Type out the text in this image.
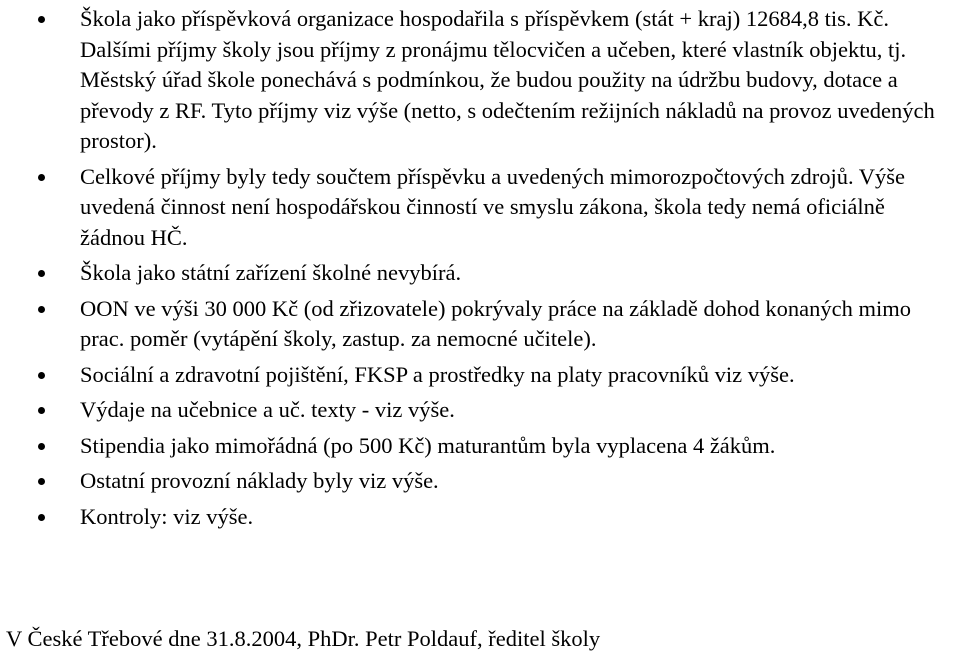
Škola jako příspěvková organizace hospodařila s příspěvkem (stát + kraj) 12684,8 tis. Kč. Dalšími příjmy školy jsou příjmy z pronájmu tělocvičen a učeben, které vlastník objektu, tj. Městský úřad škole ponechává s podmínkou, že budou použity na údržbu budovy, dotace a převody z RF. Tyto příjmy viz výše (netto, s odečtením režijních nákladů na provoz uvedených prostor).
Celkové příjmy byly tedy součtem příspěvku a uvedených mimorozpočtových zdrojů. Výše uvedená činnost není hospodářskou činností ve smyslu zákona, škola tedy nemá oficiálně žádnou HČ.
Škola jako státní zařízení školné nevybírá.
OON ve výši 30 000 Kč (od zřizovatele) pokrývaly práce na základě dohod konaných mimo prac. poměr (vytápění školy, zastup. za nemocné učitele).
Sociální a zdravotní pojištění, FKSP a prostředky na platy pracovníků viz výše.
Výdaje na učebnice a uč. texty - viz výše.
Stipendia jako mimořádná (po 500 Kč) maturantům byla vyplacena 4 žákům.
Ostatní provozní náklady byly viz výše.
Kontroly: viz výše.
V České Třebové dne 31.8.2004, PhDr. Petr Poldauf, ředitel školy
